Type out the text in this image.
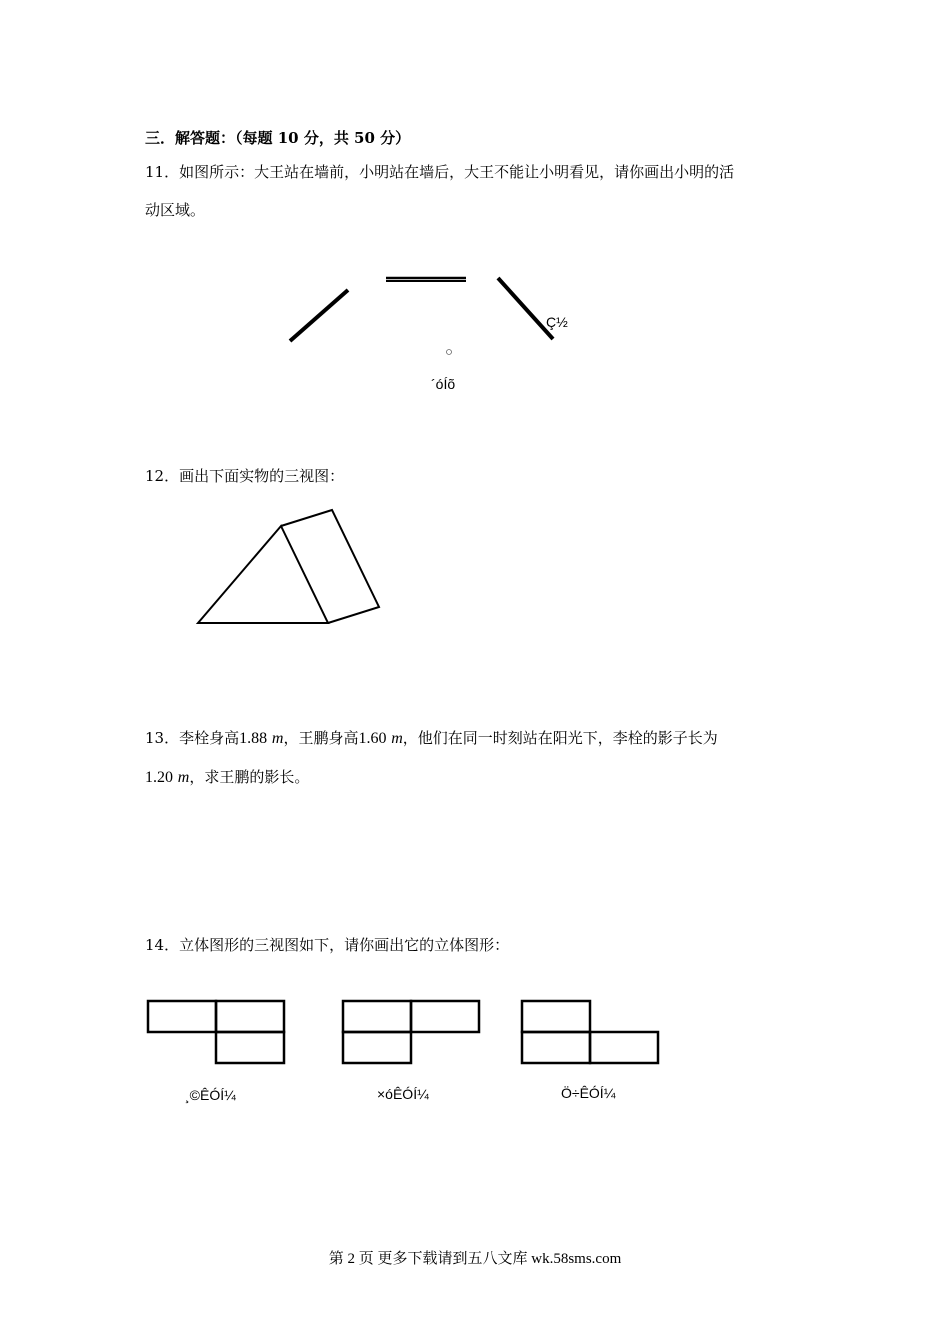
三．解答题：（每题 10 分，共 50 分）
11．如图所示：大王站在墙前，小明站在墙后，大王不能让小明看见，请你画出小明的活
动区域。
Ç½
´óÍõ
12．画出下面实物的三视图：
13．李栓身高1.88 m，王鹏身高1.60 m，他们在同一时刻站在阳光下，李栓的影子长为
1.20 m，求王鹏的影长。
14．立体图形的三视图如下，请你画出它的立体图形：
¸©ÊÓÍ¼	×óÊÓÍ¼	Ö÷ÊÓÍ¼
第 2 页 更多下载请到五八文库 wk.58sms.com
